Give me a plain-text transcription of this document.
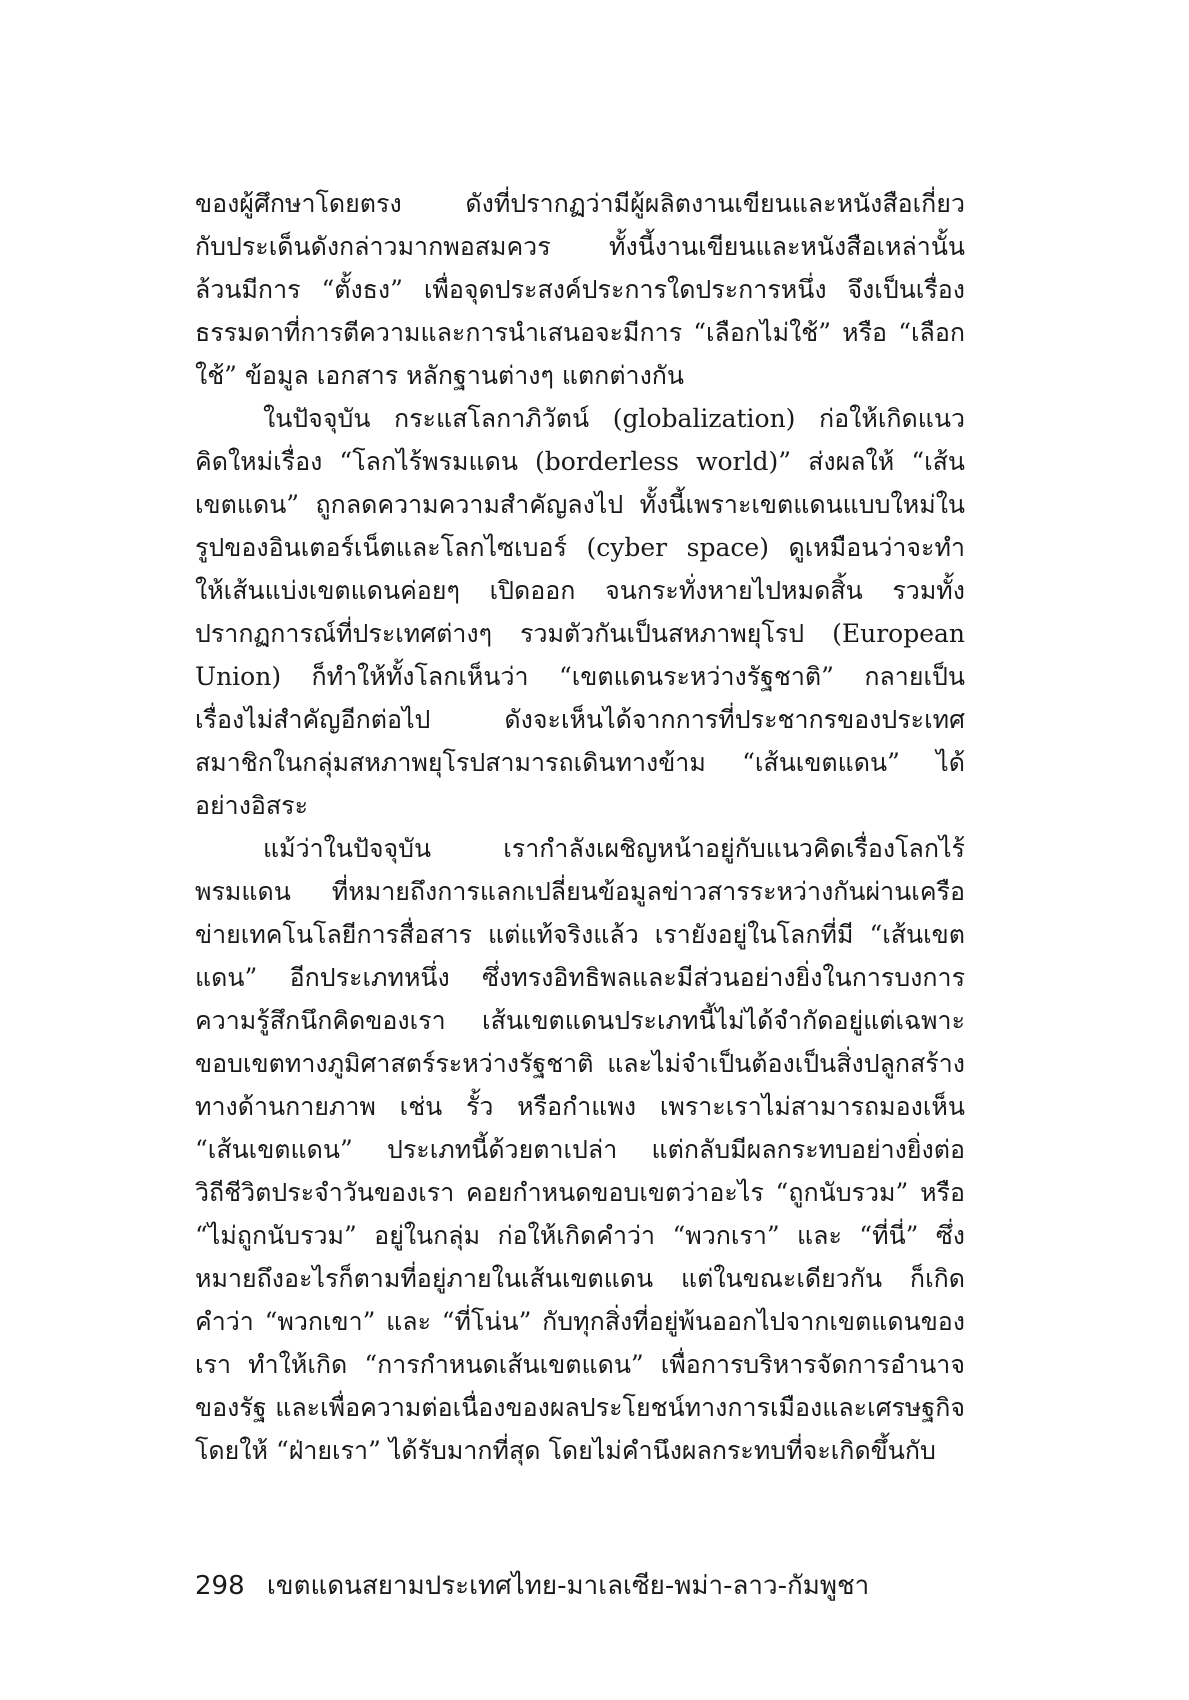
ของผู้ศึกษาโดยตรง ดังที่ปรากฏว่ามีผู้ผลิตงานเขียนและหนังสือเกี่ยว
กับประเด็นดังกล่าวมากพอสมควร ทั้งนี้งานเขียนและหนังสือเหล่านั้น
ล้วนมีการ “ตั้งธง” เพื่อจุดประสงค์ประการใดประการหนึ่ง จึงเป็นเรื่อง
ธรรมดาที่การตีความและการนำเสนอจะมีการ “เลือกไม่ใช้” หรือ “เลือก
ใช้” ข้อมูล เอกสาร หลักฐานต่างๆ แตกต่างกัน
ในปัจจุบัน กระแสโลกาภิวัตน์ (globalization) ก่อให้เกิดแนว
คิดใหม่เรื่อง “โลกไร้พรมแดน (borderless world)” ส่งผลให้ “เส้น
เขตแดน” ถูกลดความความสำคัญลงไป ทั้งนี้เพราะเขตแดนแบบใหม่ใน
รูปของอินเตอร์เน็ตและโลกไซเบอร์ (cyber space) ดูเหมือนว่าจะทำ
ให้เส้นแบ่งเขตแดนค่อยๆ เปิดออก จนกระทั่งหายไปหมดสิ้น รวมทั้ง
ปรากฏการณ์ที่ประเทศต่างๆ รวมตัวกันเป็นสหภาพยุโรป (European
Union) ก็ทำให้ทั้งโลกเห็นว่า “เขตแดนระหว่างรัฐชาติ” กลายเป็น
เรื่องไม่สำคัญอีกต่อไป ดังจะเห็นได้จากการที่ประชากรของประเทศ
สมาชิกในกลุ่มสหภาพยุโรปสามารถเดินทางข้าม “เส้นเขตแดน” ได้
อย่างอิสระ
แม้ว่าในปัจจุบัน เรากำลังเผชิญหน้าอยู่กับแนวคิดเรื่องโลกไร้
พรมแดน ที่หมายถึงการแลกเปลี่ยนข้อมูลข่าวสารระหว่างกันผ่านเครือ
ข่ายเทคโนโลยีการสื่อสาร แต่แท้จริงแล้ว เรายังอยู่ในโลกที่มี “เส้นเขต
แดน” อีกประเภทหนึ่ง ซึ่งทรงอิทธิพลและมีส่วนอย่างยิ่งในการบงการ
ความรู้สึกนึกคิดของเรา เส้นเขตแดนประเภทนี้ไม่ได้จำกัดอยู่แต่เฉพาะ
ขอบเขตทางภูมิศาสตร์ระหว่างรัฐชาติ และไม่จำเป็นต้องเป็นสิ่งปลูกสร้าง
ทางด้านกายภาพ เช่น รั้ว หรือกำแพง เพราะเราไม่สามารถมองเห็น
“เส้นเขตแดน” ประเภทนี้ด้วยตาเปล่า แต่กลับมีผลกระทบอย่างยิ่งต่อ
วิถีชีวิตประจำวันของเรา คอยกำหนดขอบเขตว่าอะไร “ถูกนับรวม” หรือ
“ไม่ถูกนับรวม” อยู่ในกลุ่ม ก่อให้เกิดคำว่า “พวกเรา” และ “ที่นี่” ซึ่ง
หมายถึงอะไรก็ตามที่อยู่ภายในเส้นเขตแดน แต่ในขณะเดียวกัน ก็เกิด
คำว่า “พวกเขา” และ “ที่โน่น” กับทุกสิ่งที่อยู่พ้นออกไปจากเขตแดนของ
เรา ทำให้เกิด “การกำหนดเส้นเขตแดน” เพื่อการบริหารจัดการอำนาจ
ของรัฐ และเพื่อความต่อเนื่องของผลประโยชน์ทางการเมืองและเศรษฐกิจ
โดยให้ “ฝ่ายเรา” ได้รับมากที่สุด โดยไม่คำนึงผลกระทบที่จะเกิดขึ้นกับ
298 เขตแดนสยามประเทศไทย-มาเลเซีย-พม่า-ลาว-กัมพูชา
